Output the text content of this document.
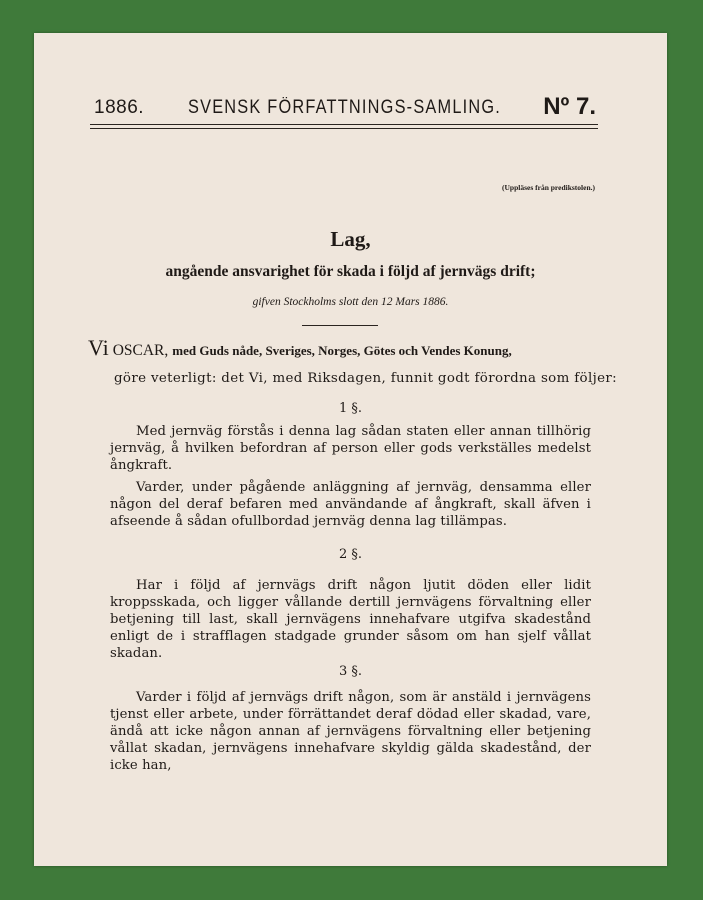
1886. SVENSK FÖRFATTNINGS-SAMLING. Nº 7.
(Uppläses från predikstolen.)
Lag,
angående ansvarighet för skada i följd af jernvägs drift;
gifven Stockholms slott den 12 Mars 1886.
Vi OSCAR, med Guds nåde, Sveriges, Norges, Götes och Vendes Konung,
göre veterligt: det Vi, med Riksdagen, funnit godt förordna som följer:
1 §.
Med jernväg förstås i denna lag sådan staten eller annan tillhörig jernväg, å hvilken befordran af person eller gods verkställes medelst ångkraft.
Varder, under pågående anläggning af jernväg, densamma eller någon del deraf befaren med användande af ångkraft, skall äfven i afseende å sådan ofullbordad jernväg denna lag tillämpas.
2 §.
Har i följd af jernvägs drift någon ljutit döden eller lidit kroppsskada, och ligger vållande dertill jernvägens förvaltning eller betjening till last, skall jernvägens innehafvare utgifva skadestånd enligt de i strafflagen stadgade grunder såsom om han sjelf vållat skadan.
3 §.
Varder i följd af jernvägs drift någon, som är anstäld i jernvägens tjenst eller arbete, under förrättandet deraf dödad eller skadad, vare, ändå att icke någon annan af jernvägens förvaltning eller betjening vållat skadan, jernvägens innehafvare skyldig gälda skadestånd, der icke han,
